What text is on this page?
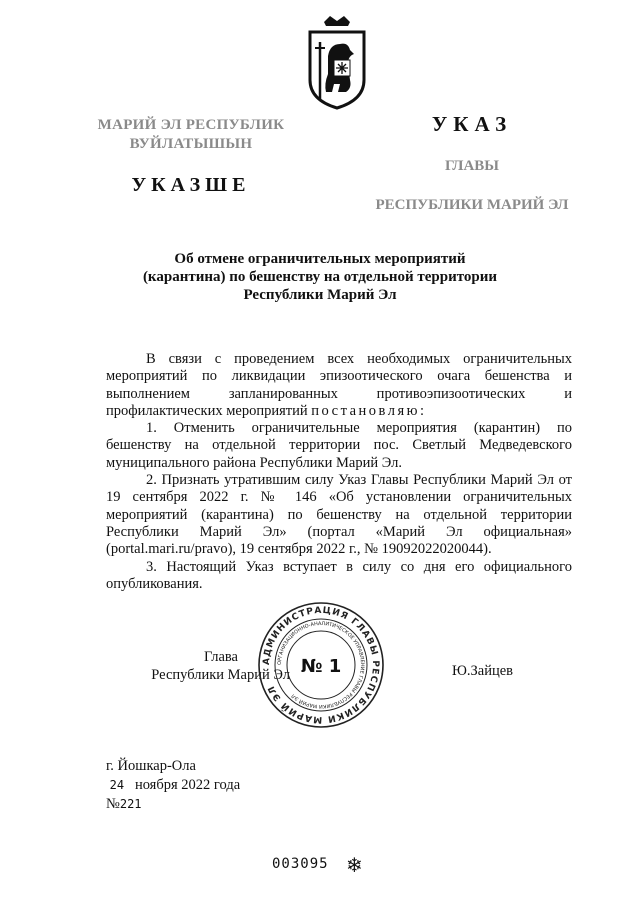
МАРИЙ ЭЛ РЕСПУБЛИК
ВУЙЛАТЫШЫН
УКАЗШЕ
УКАЗ
ГЛАВЫ
РЕСПУБЛИКИ МАРИЙ ЭЛ
Об отмене ограничительных мероприятий
(карантина) по бешенству на отдельной территории
Республики Марий Эл

В связи с проведением всех необходимых ограничительных мероприятий по ликвидации эпизоотического очага бешенства и выполнением запланированных противоэпизоотических и профилактических мероприятий постановляю:

1. Отменить ограничительные мероприятия (карантин) по бешенству на отдельной территории пос. Светлый Медведевского муниципального района Республики Марий Эл.

2. Признать утратившим силу Указ Главы Республики Марий Эл от 19 сентября 2022 г. № 146 «Об установлении ограничительных мероприятий (карантина) по бешенству на отдельной территории Республики Марий Эл» (портал «Марий Эл официальная» (portal.mari.ru/pravo), 19 сентября 2022 г., № 19092022020044).

3. Настоящий Указ вступает в силу со дня его официального опубликования.

Глава
Республики Марий Эл	Ю.Зайцев
АДМИНИСТРАЦИЯ ГЛАВЫ РЕСПУБЛИКИ МАРИЙ ЭЛ
ОРГАНИЗАЦИОННО-АНАЛИТИЧЕСКОЕ УПРАВЛЕНИЕ ГЛАВЫ РЕСПУБЛИКИ МАРИЙ ЭЛ
№ 1
г. Йошкар-Ола
24 ноября 2022 года
№221
003095 ❄
